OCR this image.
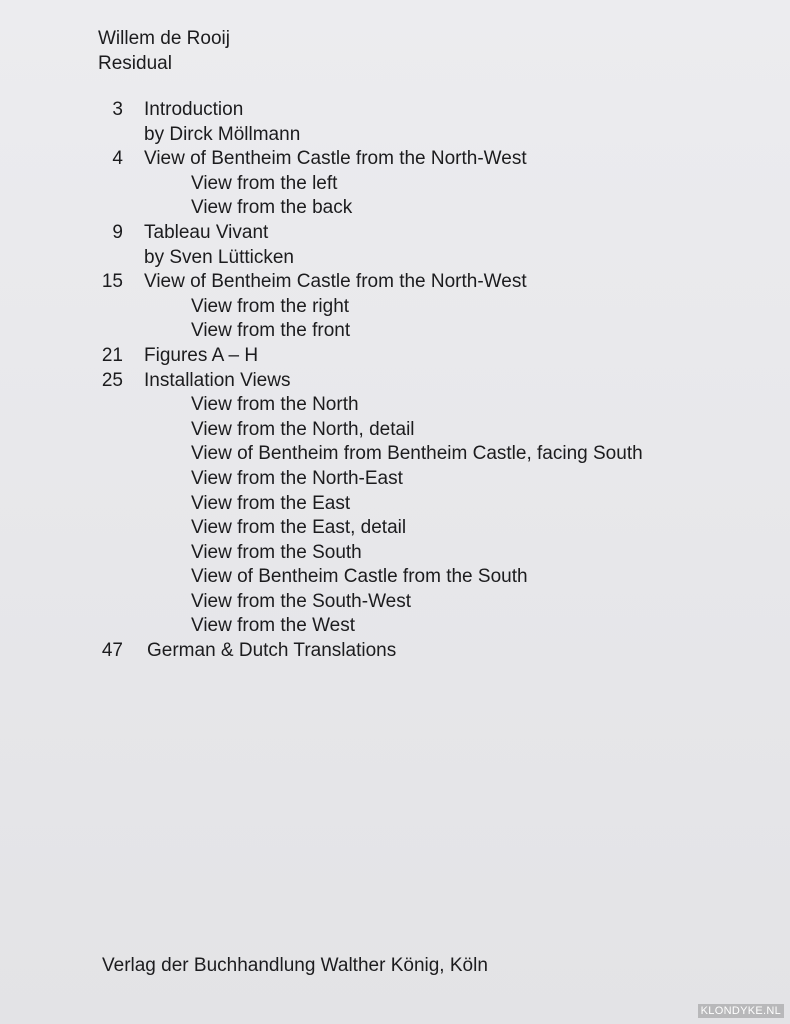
Willem de Rooij
Residual
3 Introduction
by Dirck Möllmann
4 View of Bentheim Castle from the North-West
View from the left
View from the back
9 Tableau Vivant
by Sven Lütticken
15 View of Bentheim Castle from the North-West
View from the right
View from the front
21 Figures A – H
25 Installation Views
View from the North
View from the North, detail
View of Bentheim from Bentheim Castle, facing South
View from the North-East
View from the East
View from the East, detail
View from the South
View of Bentheim Castle from the South
View from the South-West
View from the West
47 German & Dutch Translations
Verlag der Buchhandlung Walther König, Köln
KLONDYKE.NL
